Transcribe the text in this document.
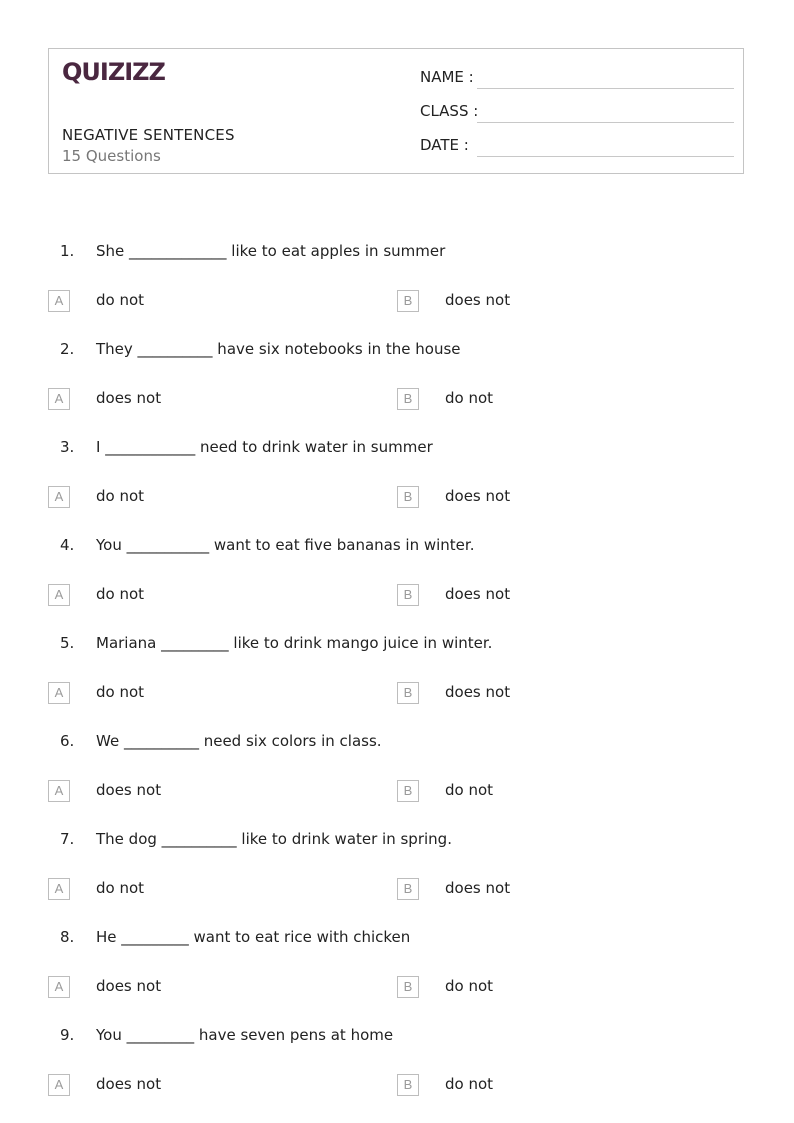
QUIZIZZ
NEGATIVE SENTENCES
15 Questions
NAME :
CLASS :
DATE :
1. She _____________ like to eat apples in summer
A	do not	B	does not
2. They __________ have six notebooks in the house
A	does not	B	do not
3. I ____________ need to drink water in summer
A	do not	B	does not
4. You ___________ want to eat five bananas in winter.
A	do not	B	does not
5. Mariana _________ like to drink mango juice in winter.
A	do not	B	does not
6. We __________ need six colors in class.
A	does not	B	do not
7. The dog __________ like to drink water in spring.
A	do not	B	does not
8. He _________ want to eat rice with chicken
A	does not	B	do not
9. You _________ have seven pens at home
A	does not	B	do not
